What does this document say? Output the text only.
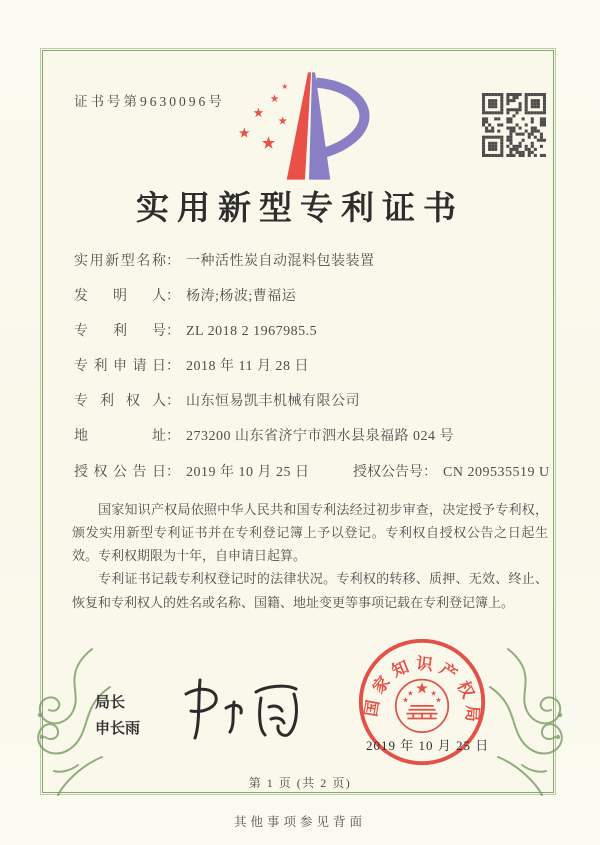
证书号第9630096号
实用新型专利证书
实用新型名称： 一种活性炭自动混料包装装置
发明人： 杨涛;杨波;曹福运
专利号： ZL 2018 2 1967985.5
专利申请日： 2018 年 11 月 28 日
专利权人： 山东恒易凯丰机械有限公司
地址： 273200 山东省济宁市泗水县泉福路 024 号
授权公告日： 2019 年 10 月 25 日	授权公告号： CN 209535519 U

国家知识产权局依照中华人民共和国专利法经过初步审查，决定授予专利权，颁发实用新型专利证书并在专利登记簿上予以登记。专利权自授权公告之日起生效。专利权期限为十年，自申请日起算。

专利证书记载专利权登记时的法律状况。专利权的转移、质押、无效、终止、恢复和专利权人的姓名或名称、国籍、地址变更等事项记载在专利登记簿上。

局长
申长雨
国家知识产权局
2019 年 10 月 25 日
第 1 页 (共 2 页)
其他事项参见背面
